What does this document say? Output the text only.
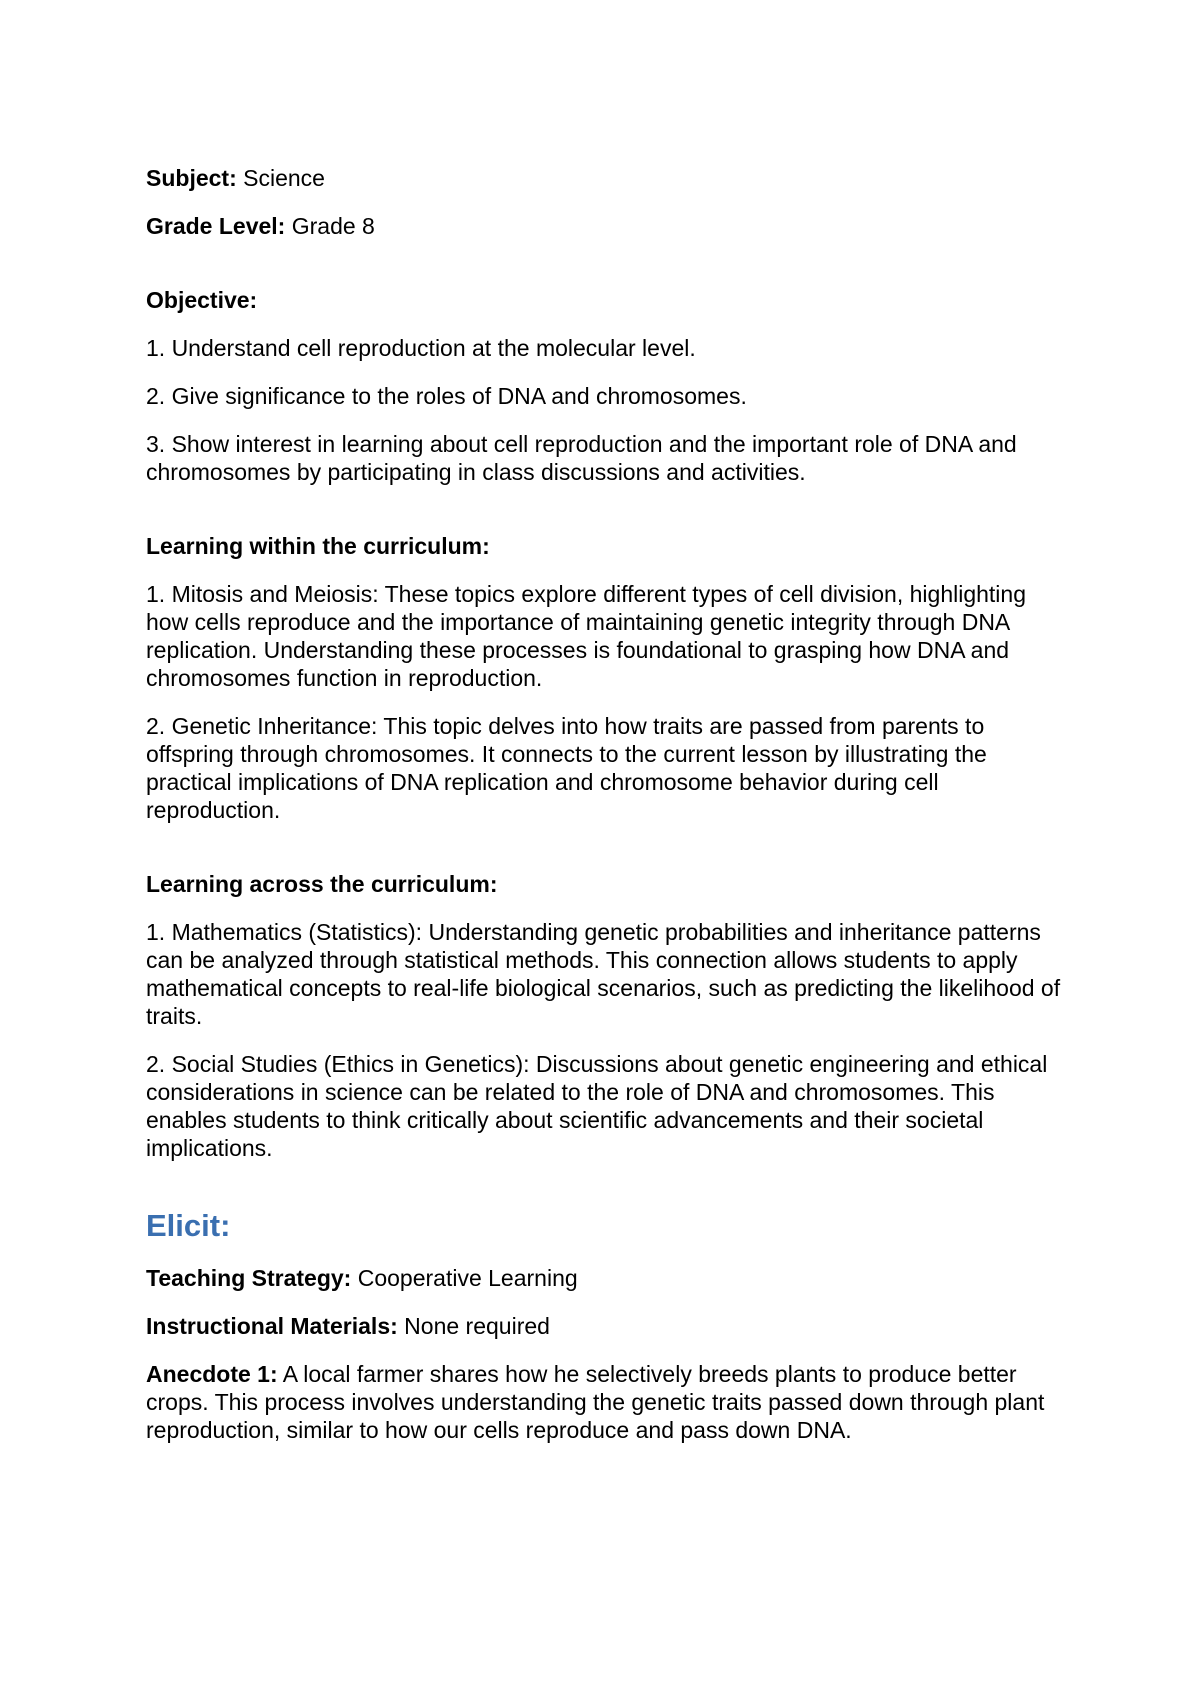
Subject: Science

Grade Level: Grade 8

Objective:

1. Understand cell reproduction at the molecular level.

2. Give significance to the roles of DNA and chromosomes.

3. Show interest in learning about cell reproduction and the important role of DNA and chromosomes by participating in class discussions and activities.

Learning within the curriculum:

1. Mitosis and Meiosis: These topics explore different types of cell division, highlighting how cells reproduce and the importance of maintaining genetic integrity through DNA replication. Understanding these processes is foundational to grasping how DNA and chromosomes function in reproduction.

2. Genetic Inheritance: This topic delves into how traits are passed from parents to offspring through chromosomes. It connects to the current lesson by illustrating the practical implications of DNA replication and chromosome behavior during cell reproduction.

Learning across the curriculum:

1. Mathematics (Statistics): Understanding genetic probabilities and inheritance patterns can be analyzed through statistical methods. This connection allows students to apply mathematical concepts to real-life biological scenarios, such as predicting the likelihood of traits.

2. Social Studies (Ethics in Genetics): Discussions about genetic engineering and ethical considerations in science can be related to the role of DNA and chromosomes. This enables students to think critically about scientific advancements and their societal implications.

Elicit:

Teaching Strategy: Cooperative Learning

Instructional Materials: None required

Anecdote 1: A local farmer shares how he selectively breeds plants to produce better crops. This process involves understanding the genetic traits passed down through plant reproduction, similar to how our cells reproduce and pass down DNA.
